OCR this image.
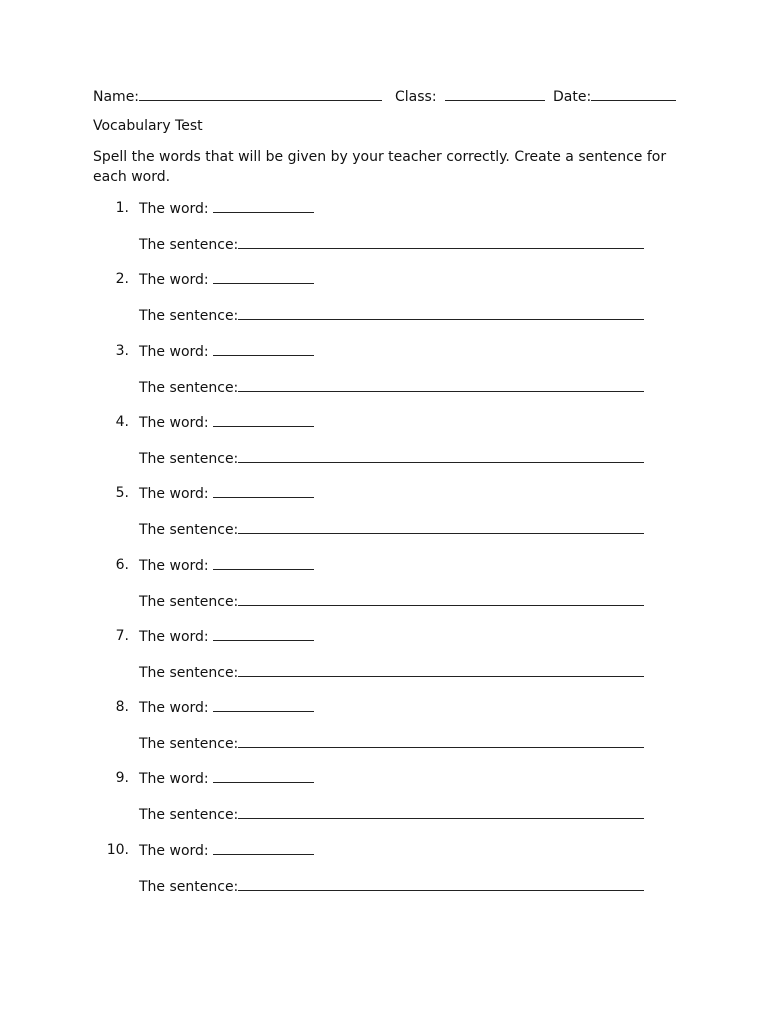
Name:	Class:	Date:
Vocabulary Test
Spell the words that will be given by your teacher correctly. Create a sentence for each word.
1. The word:
The sentence:
2. The word:
The sentence:
3. The word:
The sentence:
4. The word:
The sentence:
5. The word:
The sentence:
6. The word:
The sentence:
7. The word:
The sentence:
8. The word:
The sentence:
9. The word:
The sentence:
10. The word:
The sentence:
